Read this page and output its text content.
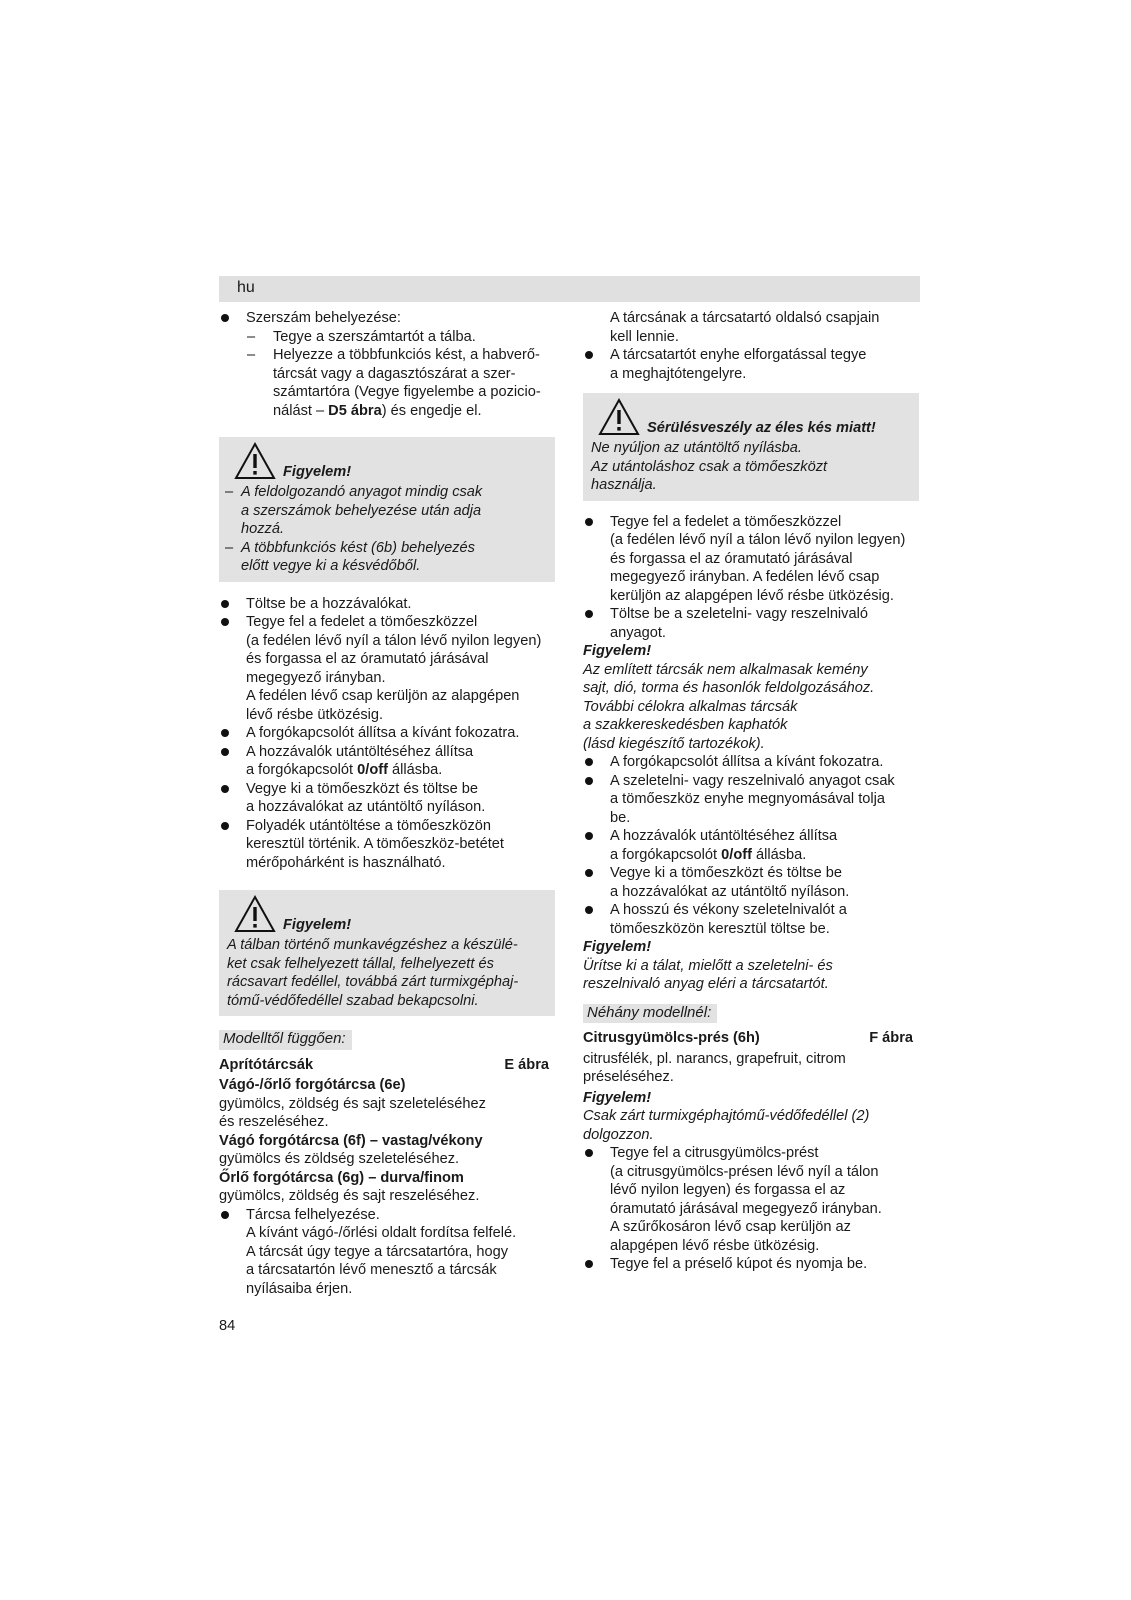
hu
Szerszám behelyezése:
– Tegye a szerszámtartót a tálba.
– Helyezze a többfunkciós kést, a habverő-
tárcsát vagy a dagasztószárat a szer-
számtartóra (Vegye figyelembe a pozicio-
nálást – D5 ábra) és engedje el.
Figyelem!
– A feldolgozandó anyagot mindig csak
a szerszámok behelyezése után adja
hozzá.
– A többfunkciós kést (6b) behelyezés
előtt vegye ki a késvédőből.
Töltse be a hozzávalókat.
Tegye fel a fedelet a tömőeszközzel
(a fedélen lévő nyíl a tálon lévő nyilon legyen)
és forgassa el az óramutató járásával
megegyező irányban.
A fedélen lévő csap kerüljön az alapgépen
lévő résbe ütközésig.
A forgókapcsolót állítsa a kívánt fokozatra.
A hozzávalók utántöltéséhez állítsa
a forgókapcsolót 0/off állásba.
Vegye ki a tömőeszközt és töltse be
a hozzávalókat az utántöltő nyíláson.
Folyadék utántöltése a tömőeszközön
keresztül történik. A tömőeszköz-betétet
mérőpohárként is használható.
Figyelem!
A tálban történő munkavégzéshez a készülé-
ket csak felhelyezett tállal, felhelyezett és
rácsavart fedéllel, továbbá zárt turmixgéphaj-
tómű-védőfedéllel szabad bekapcsolni.
Modelltől függően:
Aprítótárcsák	E ábra
Vágó-/őrlő forgótárcsa (6e)
gyümölcs, zöldség és sajt szeleteléséhez
és reszeléséhez.
Vágó forgótárcsa (6f) – vastag/vékony
gyümölcs és zöldség szeleteléséhez.
Őrlő forgótárcsa (6g) – durva/finom
gyümölcs, zöldség és sajt reszeléséhez.
Tárcsa felhelyezése.
A kívánt vágó-/őrlési oldalt fordítsa felfelé.
A tárcsát úgy tegye a tárcsatartóra, hogy
a tárcsatartón lévő menesztő a tárcsák
nyílásaiba érjen.
A tárcsának a tárcsatartó oldalsó csapjain
kell lennie.
A tárcsatartót enyhe elforgatással tegye
a meghajtótengelyre.
Sérülésveszély az éles kés miatt!
Ne nyúljon az utántöltő nyílásba.
Az utántoláshoz csak a tömőeszközt
használja.
Tegye fel a fedelet a tömőeszközzel
(a fedélen lévő nyíl a tálon lévő nyilon legyen)
és forgassa el az óramutató járásával
megegyező irányban. A fedélen lévő csap
kerüljön az alapgépen lévő résbe ütközésig.
Töltse be a szeletelni- vagy reszelnivaló
anyagot.
Figyelem!
Az említett tárcsák nem alkalmasak kemény
sajt, dió, torma és hasonlók feldolgozásához.
További célokra alkalmas tárcsák
a szakkereskedésben kaphatók
(lásd kiegészítő tartozékok).
A forgókapcsolót állítsa a kívánt fokozatra.
A szeletelni- vagy reszelnivaló anyagot csak
a tömőeszköz enyhe megnyomásával tolja
be.
A hozzávalók utántöltéséhez állítsa
a forgókapcsolót 0/off állásba.
Vegye ki a tömőeszközt és töltse be
a hozzávalókat az utántöltő nyíláson.
A hosszú és vékony szeletelnivalót a
tömőeszközön keresztül töltse be.
Figyelem!
Ürítse ki a tálat, mielőtt a szeletelni- és
reszelnivaló anyag eléri a tárcsatartót.
Néhány modellnél:
Citrusgyümölcs-prés (6h)	F ábra
citrusfélék, pl. narancs, grapefruit, citrom
préseléséhez.
Figyelem!
Csak zárt turmixgéphajtómű-védőfedéllel (2)
dolgozzon.
Tegye fel a citrusgyümölcs-prést
(a citrusgyümölcs-présen lévő nyíl a tálon
lévő nyilon legyen) és forgassa el az
óramutató járásával megegyező irányban.
A szűrőkosáron lévő csap kerüljön az
alapgépen lévő résbe ütközésig.
Tegye fel a préselő kúpot és nyomja be.
84
